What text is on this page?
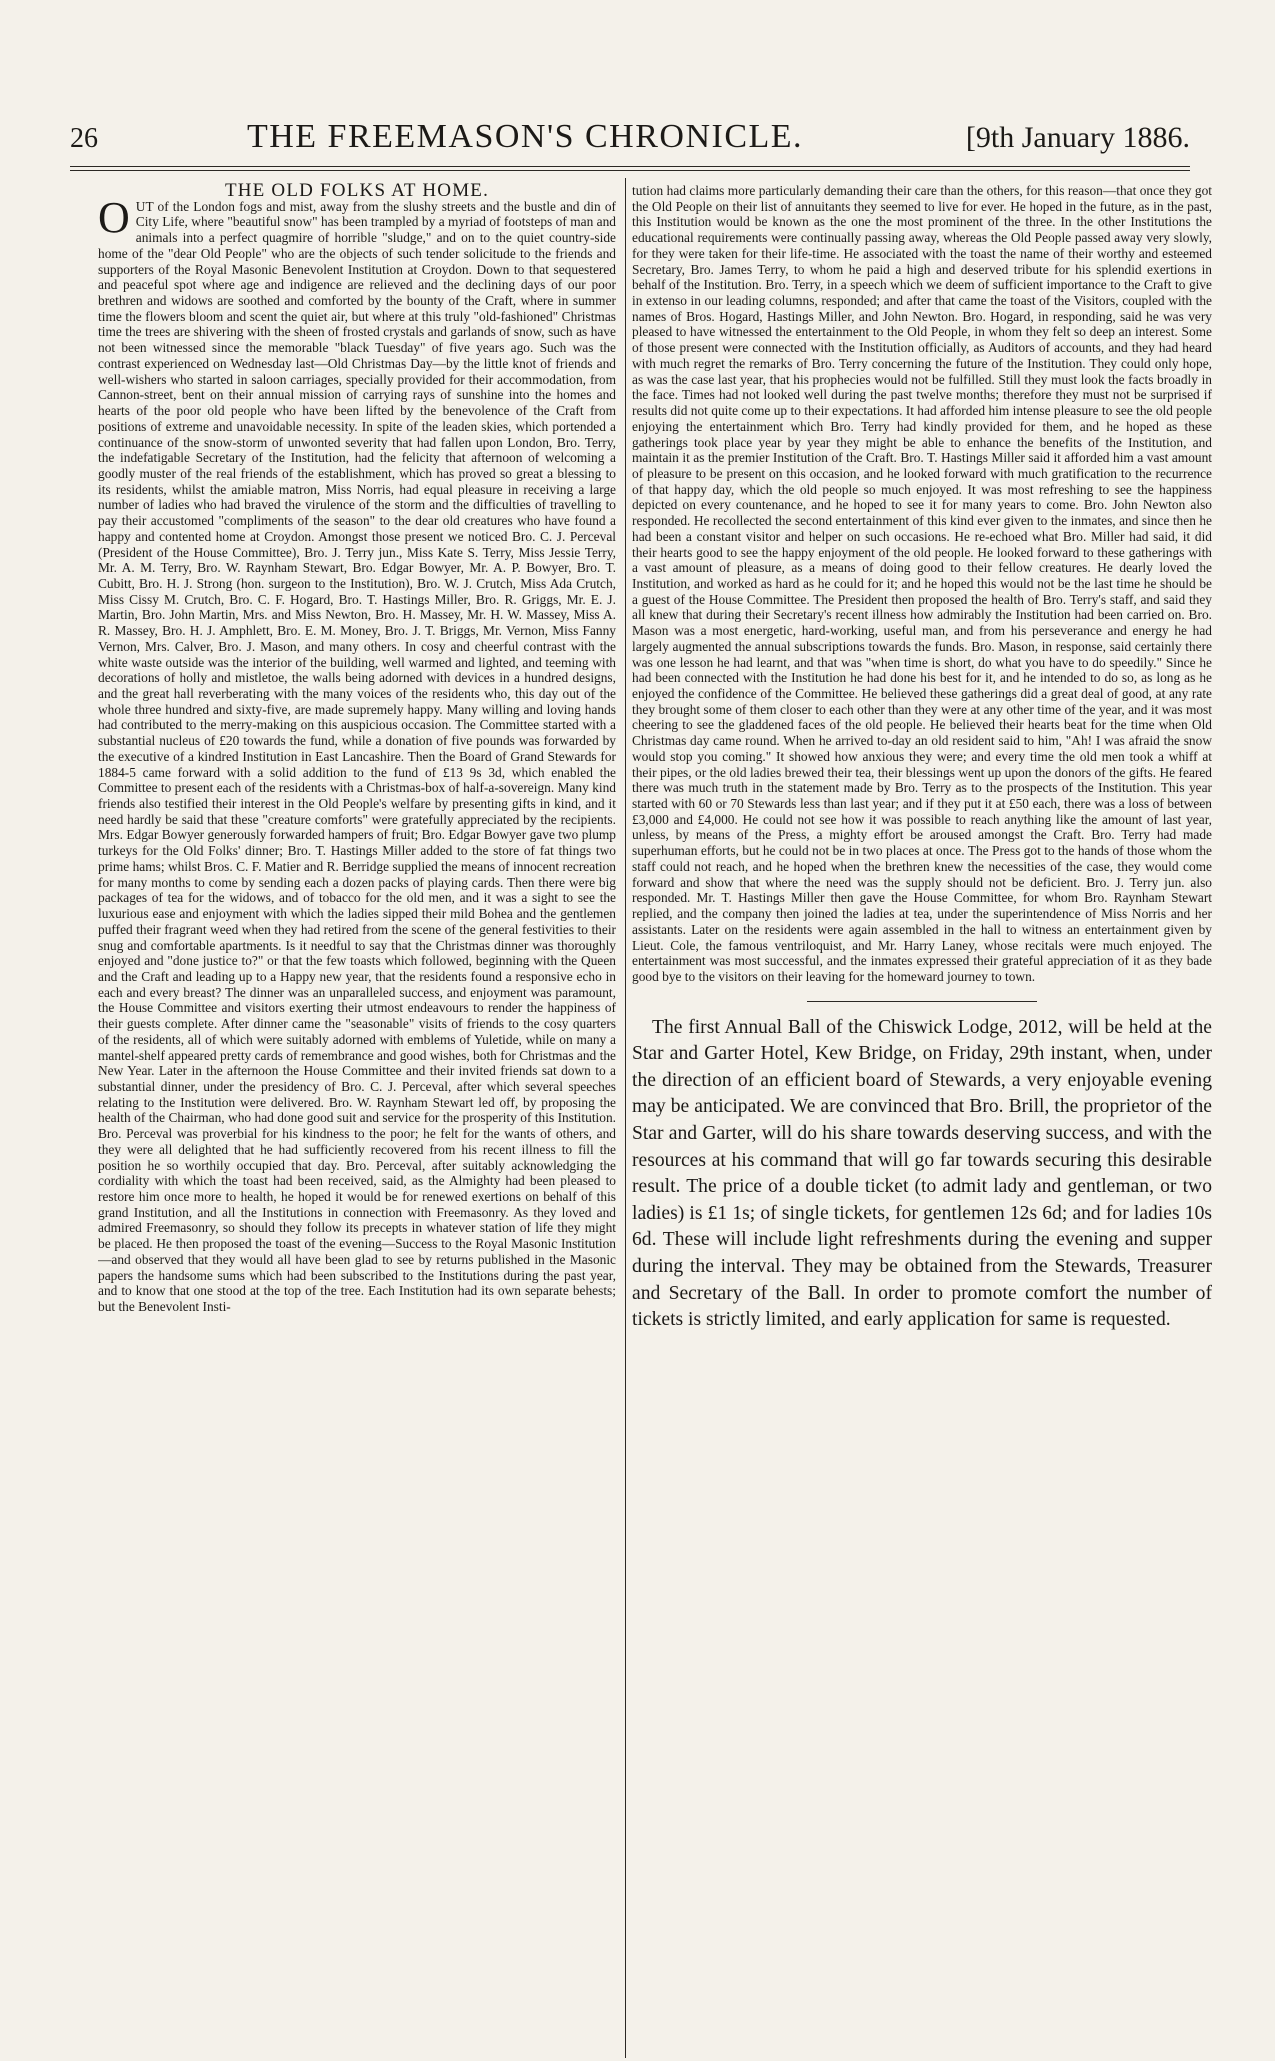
26	THE FREEMASON'S CHRONICLE.	[9th January 1886.

THE OLD FOLKS AT HOME.

OUT of the London fogs and mist, away from the slushy streets and the bustle and din of City Life, where "beautiful snow" has been trampled by a myriad of footsteps of man and animals into a perfect quagmire of horrible "sludge," and on to the quiet country-side home of the "dear Old People" who are the objects of such tender solicitude to the friends and supporters of the Royal Masonic Benevolent Institution at Croydon. Down to that sequestered and peaceful spot where age and indigence are relieved and the declining days of our poor brethren and widows are soothed and comforted by the bounty of the Craft, where in summer time the flowers bloom and scent the quiet air, but where at this truly "old-fashioned" Christmas time the trees are shivering with the sheen of frosted crystals and garlands of snow, such as have not been witnessed since the memorable "black Tuesday" of five years ago. Such was the contrast experienced on Wednesday last—Old Christmas Day—by the little knot of friends and well-wishers who started in saloon carriages, specially provided for their accommodation, from Cannon-street, bent on their annual mission of carrying rays of sunshine into the homes and hearts of the poor old people who have been lifted by the benevolence of the Craft from positions of extreme and unavoidable necessity. In spite of the leaden skies, which portended a continuance of the snow-storm of unwonted severity that had fallen upon London, Bro. Terry, the indefatigable Secretary of the Institution, had the felicity that afternoon of welcoming a goodly muster of the real friends of the establishment, which has proved so great a blessing to its residents, whilst the amiable matron, Miss Norris, had equal pleasure in receiving a large number of ladies who had braved the virulence of the storm and the difficulties of travelling to pay their accustomed "compliments of the season" to the dear old creatures who have found a happy and contented home at Croydon. Amongst those present we noticed Bro. C. J. Perceval (President of the House Committee), Bro. J. Terry jun., Miss Kate S. Terry, Miss Jessie Terry, Mr. A. M. Terry, Bro. W. Raynham Stewart, Bro. Edgar Bowyer, Mr. A. P. Bowyer, Bro. T. Cubitt, Bro. H. J. Strong (hon. surgeon to the Institution), Bro. W. J. Crutch, Miss Ada Crutch, Miss Cissy M. Crutch, Bro. C. F. Hogard, Bro. T. Hastings Miller, Bro. R. Griggs, Mr. E. J. Martin, Bro. John Martin, Mrs. and Miss Newton, Bro. H. Massey, Mr. H. W. Massey, Miss A. R. Massey, Bro. H. J. Amphlett, Bro. E. M. Money, Bro. J. T. Briggs, Mr. Vernon, Miss Fanny Vernon, Mrs. Calver, Bro. J. Mason, and many others. In cosy and cheerful contrast with the white waste outside was the interior of the building, well warmed and lighted, and teeming with decorations of holly and mistletoe, the walls being adorned with devices in a hundred designs, and the great hall reverberating with the many voices of the residents who, this day out of the whole three hundred and sixty-five, are made supremely happy. Many willing and loving hands had contributed to the merry-making on this auspicious occasion. The Committee started with a substantial nucleus of £20 towards the fund, while a donation of five pounds was forwarded by the executive of a kindred Institution in East Lancashire. Then the Board of Grand Stewards for 1884-5 came forward with a solid addition to the fund of £13 9s 3d, which enabled the Committee to present each of the residents with a Christmas-box of half-a-sovereign. Many kind friends also testified their interest in the Old People's welfare by presenting gifts in kind, and it need hardly be said that these "creature comforts" were gratefully appreciated by the recipients. Mrs. Edgar Bowyer generously forwarded hampers of fruit; Bro. Edgar Bowyer gave two plump turkeys for the Old Folks' dinner; Bro. T. Hastings Miller added to the store of fat things two prime hams; whilst Bros. C. F. Matier and R. Berridge supplied the means of innocent recreation for many months to come by sending each a dozen packs of playing cards. Then there were big packages of tea for the widows, and of tobacco for the old men, and it was a sight to see the luxurious ease and enjoyment with which the ladies sipped their mild Bohea and the gentlemen puffed their fragrant weed when they had retired from the scene of the general festivities to their snug and comfortable apartments. Is it needful to say that the Christmas dinner was thoroughly enjoyed and "done justice to?" or that the few toasts which followed, beginning with the Queen and the Craft and leading up to a Happy new year, that the residents found a responsive echo in each and every breast? The dinner was an unparalleled success, and enjoyment was paramount, the House Committee and visitors exerting their utmost endeavours to render the happiness of their guests complete. After dinner came the "seasonable" visits of friends to the cosy quarters of the residents, all of which were suitably adorned with emblems of Yuletide, while on many a mantel-shelf appeared pretty cards of remembrance and good wishes, both for Christmas and the New Year. Later in the afternoon the House Committee and their invited friends sat down to a substantial dinner, under the presidency of Bro. C. J. Perceval, after which several speeches relating to the Institution were delivered. Bro. W. Raynham Stewart led off, by proposing the health of the Chairman, who had done good suit and service for the prosperity of this Institution. Bro. Perceval was proverbial for his kindness to the poor; he felt for the wants of others, and they were all delighted that he had sufficiently recovered from his recent illness to fill the position he so worthily occupied that day. Bro. Perceval, after suitably acknowledging the cordiality with which the toast had been received, said, as the Almighty had been pleased to restore him once more to health, he hoped it would be for renewed exertions on behalf of this grand Institution, and all the Institutions in connection with Freemasonry. As they loved and admired Freemasonry, so should they follow its precepts in whatever station of life they might be placed. He then proposed the toast of the evening—Success to the Royal Masonic Institution—and observed that they would all have been glad to see by returns published in the Masonic papers the handsome sums which had been subscribed to the Institutions during the past year, and to know that one stood at the top of the tree. Each Institution had its own separate behests; but the Benevolent Insti-

tution had claims more particularly demanding their care than the others, for this reason—that once they got the Old People on their list of annuitants they seemed to live for ever. He hoped in the future, as in the past, this Institution would be known as the one the most prominent of the three. In the other Institutions the educational requirements were continually passing away, whereas the Old People passed away very slowly, for they were taken for their life-time. He associated with the toast the name of their worthy and esteemed Secretary, Bro. James Terry, to whom he paid a high and deserved tribute for his splendid exertions in behalf of the Institution. Bro. Terry, in a speech which we deem of sufficient importance to the Craft to give in extenso in our leading columns, responded; and after that came the toast of the Visitors, coupled with the names of Bros. Hogard, Hastings Miller, and John Newton. Bro. Hogard, in responding, said he was very pleased to have witnessed the entertainment to the Old People, in whom they felt so deep an interest. Some of those present were connected with the Institution officially, as Auditors of accounts, and they had heard with much regret the remarks of Bro. Terry concerning the future of the Institution. They could only hope, as was the case last year, that his prophecies would not be fulfilled. Still they must look the facts broadly in the face. Times had not looked well during the past twelve months; therefore they must not be surprised if results did not quite come up to their expectations. It had afforded him intense pleasure to see the old people enjoying the entertainment which Bro. Terry had kindly provided for them, and he hoped as these gatherings took place year by year they might be able to enhance the benefits of the Institution, and maintain it as the premier Institution of the Craft. Bro. T. Hastings Miller said it afforded him a vast amount of pleasure to be present on this occasion, and he looked forward with much gratification to the recurrence of that happy day, which the old people so much enjoyed. It was most refreshing to see the happiness depicted on every countenance, and he hoped to see it for many years to come. Bro. John Newton also responded. He recollected the second entertainment of this kind ever given to the inmates, and since then he had been a constant visitor and helper on such occasions. He re-echoed what Bro. Miller had said, it did their hearts good to see the happy enjoyment of the old people. He looked forward to these gatherings with a vast amount of pleasure, as a means of doing good to their fellow creatures. He dearly loved the Institution, and worked as hard as he could for it; and he hoped this would not be the last time he should be a guest of the House Committee. The President then proposed the health of Bro. Terry's staff, and said they all knew that during their Secretary's recent illness how admirably the Institution had been carried on. Bro. Mason was a most energetic, hard-working, useful man, and from his perseverance and energy he had largely augmented the annual subscriptions towards the funds. Bro. Mason, in response, said certainly there was one lesson he had learnt, and that was "when time is short, do what you have to do speedily." Since he had been connected with the Institution he had done his best for it, and he intended to do so, as long as he enjoyed the confidence of the Committee. He believed these gatherings did a great deal of good, at any rate they brought some of them closer to each other than they were at any other time of the year, and it was most cheering to see the gladdened faces of the old people. He believed their hearts beat for the time when Old Christmas day came round. When he arrived to-day an old resident said to him, "Ah! I was afraid the snow would stop you coming." It showed how anxious they were; and every time the old men took a whiff at their pipes, or the old ladies brewed their tea, their blessings went up upon the donors of the gifts. He feared there was much truth in the statement made by Bro. Terry as to the prospects of the Institution. This year started with 60 or 70 Stewards less than last year; and if they put it at £50 each, there was a loss of between £3,000 and £4,000. He could not see how it was possible to reach anything like the amount of last year, unless, by means of the Press, a mighty effort be aroused amongst the Craft. Bro. Terry had made superhuman efforts, but he could not be in two places at once. The Press got to the hands of those whom the staff could not reach, and he hoped when the brethren knew the necessities of the case, they would come forward and show that where the need was the supply should not be deficient. Bro. J. Terry jun. also responded. Mr. T. Hastings Miller then gave the House Committee, for whom Bro. Raynham Stewart replied, and the company then joined the ladies at tea, under the superintendence of Miss Norris and her assistants. Later on the residents were again assembled in the hall to witness an entertainment given by Lieut. Cole, the famous ventriloquist, and Mr. Harry Laney, whose recitals were much enjoyed. The entertainment was most successful, and the inmates expressed their grateful appreciation of it as they bade good bye to the visitors on their leaving for the homeward journey to town.

The first Annual Ball of the Chiswick Lodge, 2012, will be held at the Star and Garter Hotel, Kew Bridge, on Friday, 29th instant, when, under the direction of an efficient board of Stewards, a very enjoyable evening may be anticipated. We are convinced that Bro. Brill, the proprietor of the Star and Garter, will do his share towards deserving success, and with the resources at his command that will go far towards securing this desirable result. The price of a double ticket (to admit lady and gentleman, or two ladies) is £1 1s; of single tickets, for gentlemen 12s 6d; and for ladies 10s 6d. These will include light refreshments during the evening and supper during the interval. They may be obtained from the Stewards, Treasurer and Secretary of the Ball. In order to promote comfort the number of tickets is strictly limited, and early application for same is requested.
